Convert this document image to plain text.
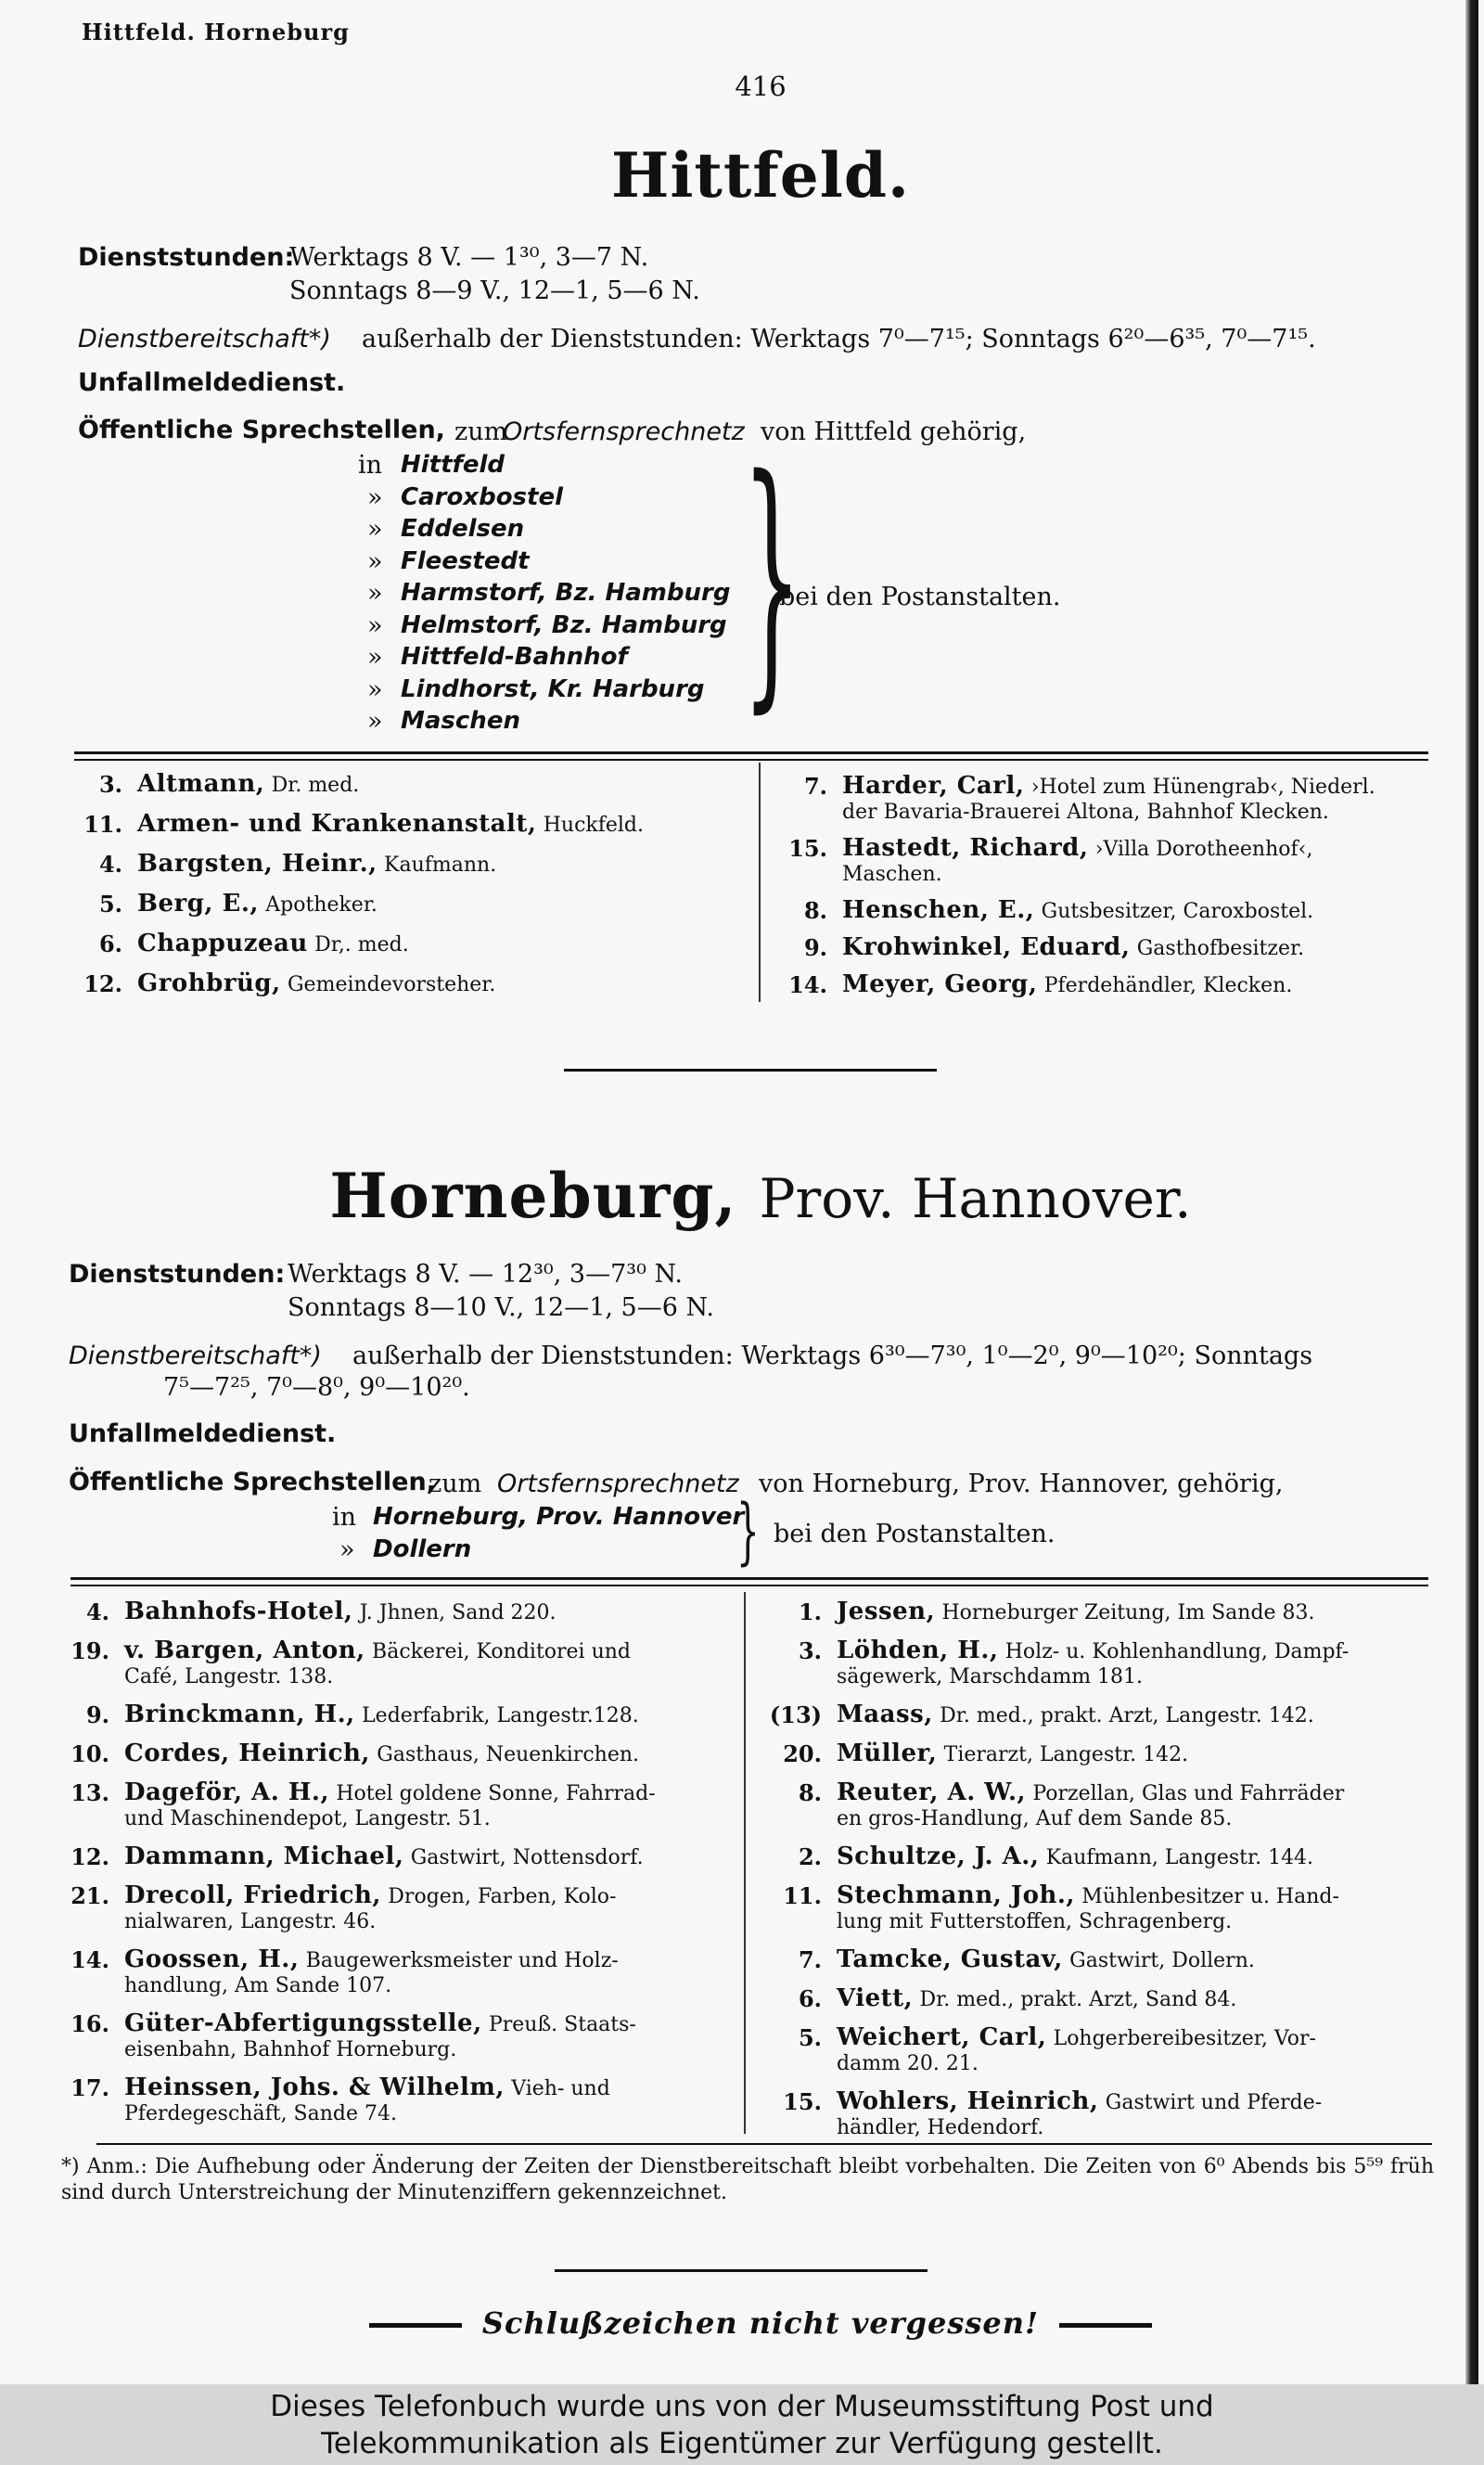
Hittfeld. Horneburg
416
Hittfeld.
Dienststunden:
Werktags 8 V. — 1³⁰, 3—7 N.
Sonntags 8—9 V., 12—1, 5—6 N.
Dienstbereitschaft*) außerhalb der Dienststunden: Werktags 7⁰—7¹⁵; Sonntags 6²⁰—6³⁵, 7⁰—7¹⁵.
Unfallmeldedienst.
Öffentliche Sprechstellen, zum
Ortsfernsprechnetz von Hittfeld gehörig,
in Hittfeld
» Caroxbostel
» Eddelsen
» Fleestedt
» Harmstorf, Bz. Hamburg
» Helmstorf, Bz. Hamburg
» Hittfeld-Bahnhof
» Lindhorst, Kr. Harburg
» Maschen }
bei den Postanstalten.
3. Altmann, Dr. med.
11. Armen- und Krankenanstalt, Huckfeld.
4. Bargsten, Heinr., Kaufmann.
5. Berg, E., Apotheker.
6. Chappuzeau Dr,. med.
12. Grohbrüg, Gemeindevorsteher.
7. Harder, Carl, ›Hotel zum Hünengrab‹, Niederl.
der Bavaria-Brauerei Altona, Bahnhof Klecken.
15. Hastedt, Richard, ›Villa Dorotheenhof‹,
Maschen.
8. Henschen, E., Gutsbesitzer, Caroxbostel.
9. Krohwinkel, Eduard, Gasthofbesitzer.
14. Meyer, Georg, Pferdehändler, Klecken.
Horneburg, Prov. Hannover.
Dienststunden: Werktags 8 V. — 12³⁰, 3—7³⁰ N.
Sonntags 8—10 V., 12—1, 5—6 N.
Dienstbereitschaft*) außerhalb der Dienststunden: Werktags 6³⁰—7³⁰, 1⁰—2⁰, 9⁰—10²⁰; Sonntags
7⁵—7²⁵, 7⁰—8⁰, 9⁰—10²⁰.
Unfallmeldedienst.
Öffentliche Sprechstellen,
zum Ortsfernsprechnetz von Horneburg, Prov. Hannover, gehörig,
in Horneburg, Prov. Hannover
» Dollern	} bei den Postanstalten.
4. Bahnhofs-Hotel, J. Jhnen, Sand 220.
19. v. Bargen, Anton, Bäckerei, Konditorei und
Café, Langestr. 138.
9. Brinckmann, H., Lederfabrik, Langestr.128.
10. Cordes, Heinrich, Gasthaus, Neuenkirchen.
13. Dageför, A. H., Hotel goldene Sonne, Fahrrad-
und Maschinendepot, Langestr. 51.
12. Dammann, Michael, Gastwirt, Nottensdorf.
21. Drecoll, Friedrich, Drogen, Farben, Kolo-
nialwaren, Langestr. 46.
14. Goossen, H., Baugewerksmeister und Holz-
handlung, Am Sande 107.
16. Güter-Abfertigungsstelle, Preuß. Staats-
eisenbahn, Bahnhof Horneburg.
17. Heinssen, Johs. & Wilhelm, Vieh- und
Pferdegeschäft, Sande 74.
1. Jessen, Horneburger Zeitung, Im Sande 83.
3. Löhden, H., Holz- u. Kohlenhandlung, Dampf-
sägewerk, Marschdamm 181.
(13) Maass, Dr. med., prakt. Arzt, Langestr. 142.
20. Müller, Tierarzt, Langestr. 142.
8. Reuter, A. W., Porzellan, Glas und Fahrräder
en gros-Handlung, Auf dem Sande 85.
2. Schultze, J. A., Kaufmann, Langestr. 144.
11. Stechmann, Joh., Mühlenbesitzer u. Hand-
lung mit Futterstoffen, Schragenberg.
7. Tamcke, Gustav, Gastwirt, Dollern.
6. Viett, Dr. med., prakt. Arzt, Sand 84.
5. Weichert, Carl, Lohgerbereibesitzer, Vor-
damm 20. 21.
15. Wohlers, Heinrich, Gastwirt und Pferde-
händler, Hedendorf.
*) Anm.: Die Aufhebung oder Änderung der Zeiten der Dienstbereitschaft bleibt vorbehalten. Die Zeiten von 6⁰ Abends bis 5⁵⁹ früh sind durch Unterstreichung der Minutenziffern gekennzeichnet.
Schlußzeichen nicht vergessen!
Dieses Telefonbuch wurde uns von der Museumsstiftung Post und
Telekommunikation als Eigentümer zur Verfügung gestellt.
